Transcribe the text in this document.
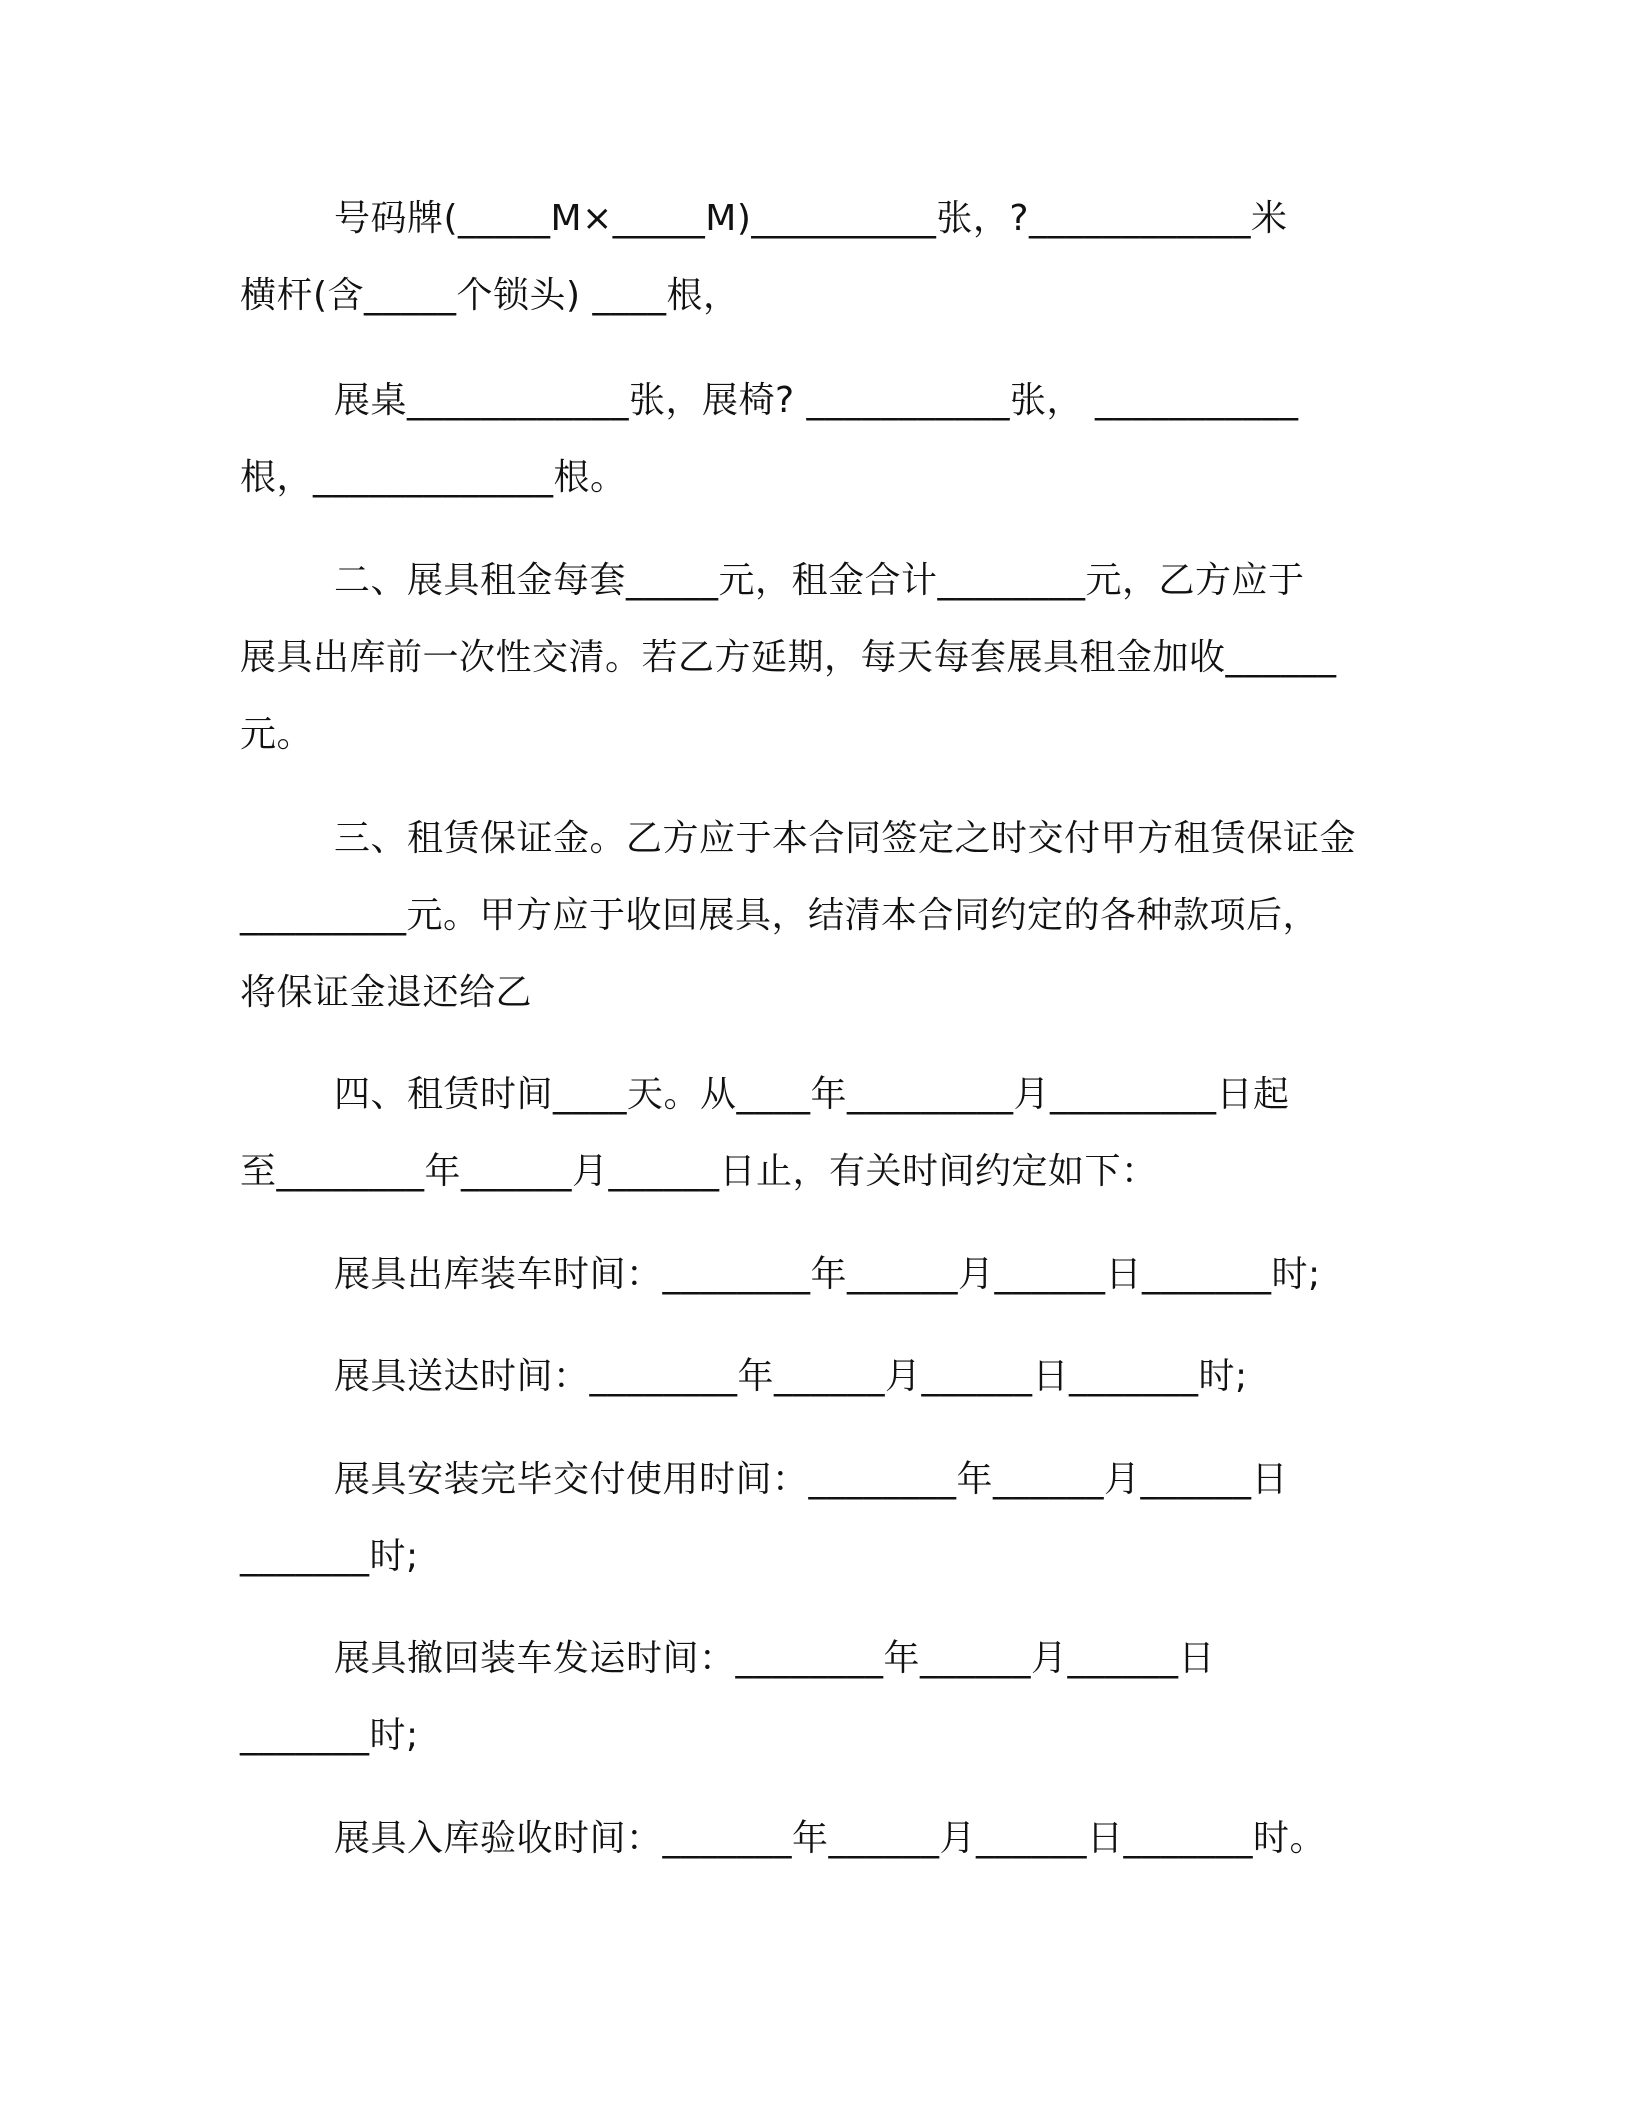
号码牌(_____M×_____M)__________张，?____________米
横杆(含_____个锁头) ____根，
展桌____________张，展椅? ___________张， ___________
根，_____________根。
二、展具租金每套_____元，租金合计________元，乙方应于
展具出库前一次性交清。若乙方延期，每天每套展具租金加收______
元。
三、租赁保证金。乙方应于本合同签定之时交付甲方租赁保证金
_________元。甲方应于收回展具，结清本合同约定的各种款项后，
将保证金退还给乙
四、租赁时间____天。从____年_________月_________日起
至________年______月______日止，有关时间约定如下：
展具出库装车时间：________年______月______日_______时;
展具送达时间：________年______月______日_______时;
展具安装完毕交付使用时间：________年______月______日
_______时;
展具撤回装车发运时间：________年______月______日
_______时;
展具入库验收时间：_______年______月______日_______时。
